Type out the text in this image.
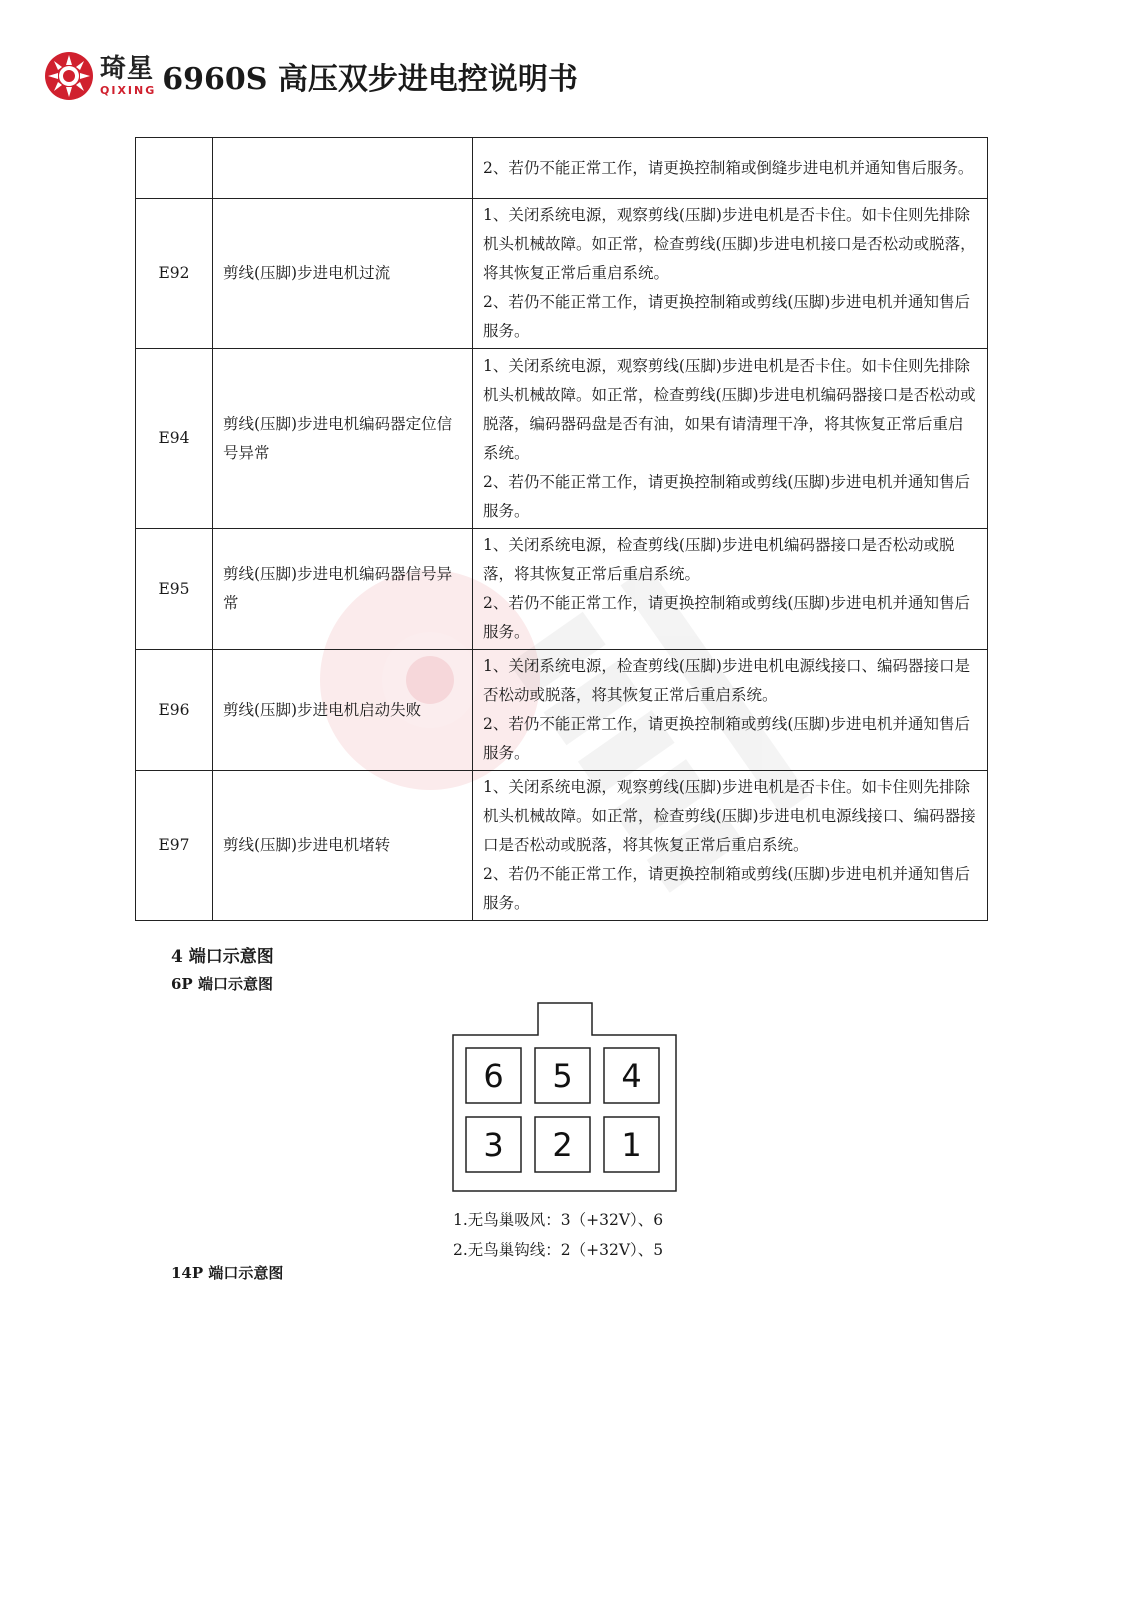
琦星
QIXING 6960S 高压双步进电控说明书

		2、若仍不能正常工作，请更换控制箱或倒缝步进电机并通知售后服务。

E92	剪线(压脚)步进电机过流	1、关闭系统电源，观察剪线(压脚)步进电机是否卡住。如卡住则先排除机头机械故障。如正常，检查剪线(压脚)步进电机接口是否松动或脱落，将其恢复正常后重启系统。
2、若仍不能正常工作，请更换控制箱或剪线(压脚)步进电机并通知售后服务。

E94	剪线(压脚)步进电机编码器定位信号异常	1、关闭系统电源，观察剪线(压脚)步进电机是否卡住。如卡住则先排除机头机械故障。如正常，检查剪线(压脚)步进电机编码器接口是否松动或脱落，编码器码盘是否有油，如果有请清理干净，将其恢复正常后重启系统。
2、若仍不能正常工作，请更换控制箱或剪线(压脚)步进电机并通知售后服务。

E95	剪线(压脚)步进电机编码器信号异常	1、关闭系统电源，检查剪线(压脚)步进电机编码器接口是否松动或脱落，将其恢复正常后重启系统。
2、若仍不能正常工作，请更换控制箱或剪线(压脚)步进电机并通知售后服务。

E96	剪线(压脚)步进电机启动失败	1、关闭系统电源，检查剪线(压脚)步进电机电源线接口、编码器接口是否松动或脱落，将其恢复正常后重启系统。
2、若仍不能正常工作，请更换控制箱或剪线(压脚)步进电机并通知售后服务。

E97	剪线(压脚)步进电机堵转	1、关闭系统电源，观察剪线(压脚)步进电机是否卡住。如卡住则先排除机头机械故障。如正常，检查剪线(压脚)步进电机电源线接口、编码器接口是否松动或脱落，将其恢复正常后重启系统。
2、若仍不能正常工作，请更换控制箱或剪线(压脚)步进电机并通知售后服务。
4 端口示意图
6P 端口示意图
6 5 4
3 2 1
1.无鸟巢吸风：3（+32V）、6
2.无鸟巢钩线：2（+32V）、5
14P 端口示意图
